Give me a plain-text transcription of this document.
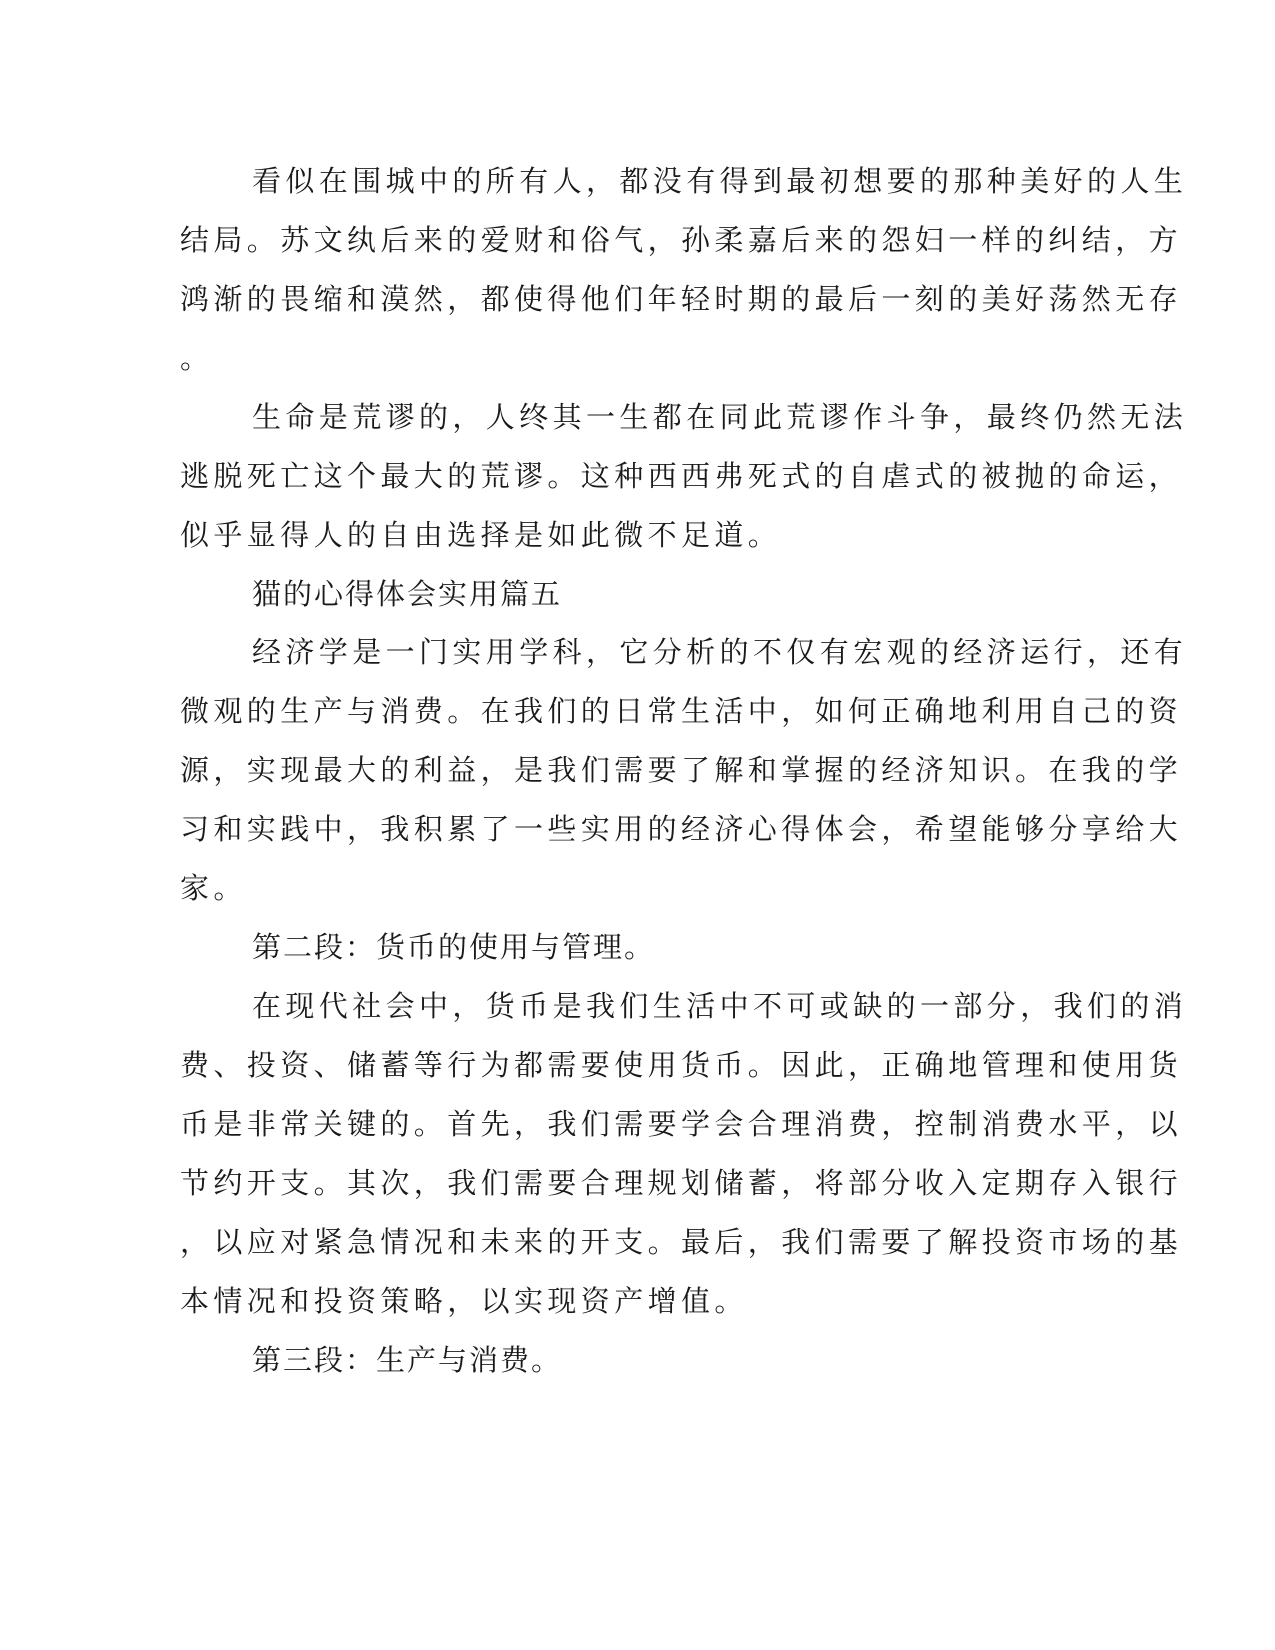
看似在围城中的所有人，都没有得到最初想要的那种美好的人生

结局。苏文纨后来的爱财和俗气，孙柔嘉后来的怨妇一样的纠结，方

鸿渐的畏缩和漠然，都使得他们年轻时期的最后一刻的美好荡然无存

。

生命是荒谬的，人终其一生都在同此荒谬作斗争，最终仍然无法

逃脱死亡这个最大的荒谬。这种西西弗死式的自虐式的被抛的命运，

似乎显得人的自由选择是如此微不足道。

猫的心得体会实用篇五

经济学是一门实用学科，它分析的不仅有宏观的经济运行，还有

微观的生产与消费。在我们的日常生活中，如何正确地利用自己的资

源，实现最大的利益，是我们需要了解和掌握的经济知识。在我的学

习和实践中，我积累了一些实用的经济心得体会，希望能够分享给大

家。

第二段：货币的使用与管理。

在现代社会中，货币是我们生活中不可或缺的一部分，我们的消

费、投资、储蓄等行为都需要使用货币。因此，正确地管理和使用货

币是非常关键的。首先，我们需要学会合理消费，控制消费水平，以

节约开支。其次，我们需要合理规划储蓄，将部分收入定期存入银行

，以应对紧急情况和未来的开支。最后，我们需要了解投资市场的基

本情况和投资策略，以实现资产增值。

第三段：生产与消费。
